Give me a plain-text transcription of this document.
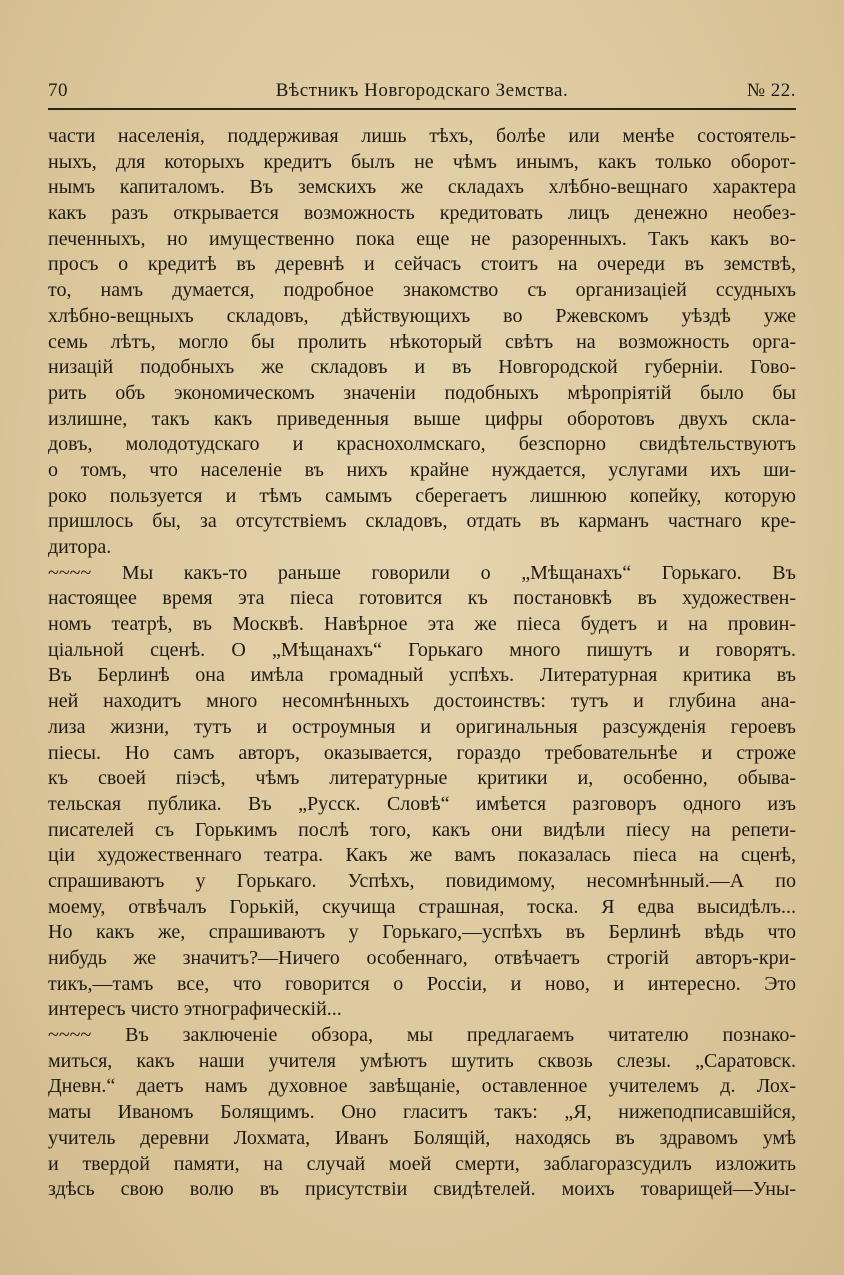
70	Вѣстникъ Новгородскаго Земства.	№ 22.
части населенія, поддерживая лишь тѣхъ, болѣе или менѣе состоятель-
ныхъ, для которыхъ кредитъ былъ не чѣмъ инымъ, какъ только оборот-
нымъ капиталомъ. Въ земскихъ же складахъ хлѣбно-вещнаго характера
какъ разъ открывается возможность кредитовать лицъ денежно необез-
печенныхъ, но имущественно пока еще не разоренныхъ. Такъ какъ во-
просъ о кредитѣ въ деревнѣ и сейчасъ стоитъ на очереди въ земствѣ,
то, намъ думается, подробное знакомство съ организаціей ссудныхъ
хлѣбно-вещныхъ складовъ, дѣйствующихъ во Ржевскомъ уѣздѣ уже
семь лѣтъ, могло бы пролить нѣкоторый свѣтъ на возможность орга-
низацій подобныхъ же складовъ и въ Новгородской губерніи. Гово-
рить объ экономическомъ значеніи подобныхъ мѣропріятій было бы
излишне, такъ какъ приведенныя выше цифры оборотовъ двухъ скла-
довъ, молодотудскаго и краснохолмскаго, безспорно свидѣтельствуютъ
о томъ, что населеніе въ нихъ крайне нуждается, услугами ихъ ши-
роко пользуется и тѣмъ самымъ сберегаетъ лишнюю копейку, которую
пришлось бы, за отсутствіемъ складовъ, отдать въ карманъ частнаго кре-
дитора.
~~~~ Мы какъ-то раньше говорили о „Мѣщанахъ“ Горькаго. Въ
настоящее время эта піеса готовится къ постановкѣ въ художествен-
номъ театрѣ, въ Москвѣ. Навѣрное эта же піеса будетъ и на провин-
ціальной сценѣ. О „Мѣщанахъ“ Горькаго много пишутъ и говорятъ.
Въ Берлинѣ она имѣла громадный успѣхъ. Литературная критика въ
ней находитъ много несомнѣнныхъ достоинствъ: тутъ и глубина ана-
лиза жизни, тутъ и остроумныя и оригинальныя разсужденія героевъ
піесы. Но самъ авторъ, оказывается, гораздо требовательнѣе и строже
къ своей піэсѣ, чѣмъ литературные критики и, особенно, обыва-
тельская публика. Въ „Русск. Словѣ“ имѣется разговоръ одного изъ
писателей съ Горькимъ послѣ того, какъ они видѣли піесу на репети-
ціи художественнаго театра. Какъ же вамъ показалась піеса на сценѣ,
спрашиваютъ у Горькаго. Успѣхъ, повидимому, несомнѣнный.—А по
моему, отвѣчалъ Горькій, скучища страшная, тоска. Я едва высидѣлъ...
Но какъ же, спрашиваютъ у Горькаго,—успѣхъ въ Берлинѣ вѣдь что
нибудь же значитъ?—Ничего особеннаго, отвѣчаетъ строгій авторъ-кри-
тикъ,—тамъ все, что говорится о Россіи, и ново, и интересно. Это
интересъ чисто этнографическій...
~~~~ Въ заключеніе обзора, мы предлагаемъ читателю познако-
миться, какъ наши учителя умѣютъ шутить сквозь слезы. „Саратовск.
Дневн.“ даетъ намъ духовное завѣщаніе, оставленное учителемъ д. Лох-
маты Иваномъ Болящимъ. Оно гласитъ такъ: „Я, нижеподписавшійся,
учитель деревни Лохмата, Иванъ Болящій, находясь въ здравомъ умѣ
и твердой памяти, на случай моей смерти, заблагоразсудилъ изложить
здѣсь свою волю въ присутствіи свидѣтелей. моихъ товарищей—Уны-
